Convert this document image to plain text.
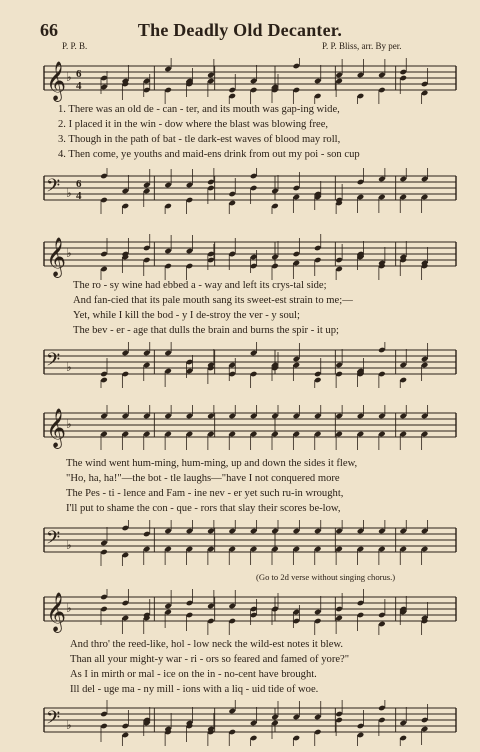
66	The Deadly Old Decanter.
P. P. B.	P. P. Bliss, arr. By per.
𝄞 ♭ 6
4
1. There was an old de - can - ter, and its mouth was gap-ing wide,
2. I placed it in the win - dow where the blast was blowing free,
3. Though in the path of bat - tle dark-est waves of blood may roll,
4. Then come, ye youths and maid-ens drink from out my poi - son cup
𝄢 ♭
6
4
𝄞 ♭
The ro - sy wine had ebbed a - way and left its crys-tal side;
And fan-cied that its pale mouth sang its sweet-est strain to me;—
Yet, while I kill the bod - y I de-stroy the ver - y soul;
The bev - er - age that dulls the brain and burns the spir - it up;
𝄢 ♭
𝄞 ♭
The wind went hum-ming, hum-ming, up and down the sides it flew,
"Ho, ha, ha!"—the bot - tle laughs—"have I not conquered more
The Pes - ti - lence and Fam - ine nev - er yet such ru-in wrought,
I'll put to shame the con - que - rors that slay their scores be-low,
𝄢 ♭
(Go to 2d verse without singing chorus.)
𝄞 ♭
And thro' the reed-like, hol - low neck the wild-est notes it blew.
Than all your might-y war - ri - ors so feared and famed of yore?"
As I in mirth or mal - ice on the in - no-cent have brought.
Ill del - uge ma - ny mill - ions with a liq - uid tide of woe.
𝄢 ♭
